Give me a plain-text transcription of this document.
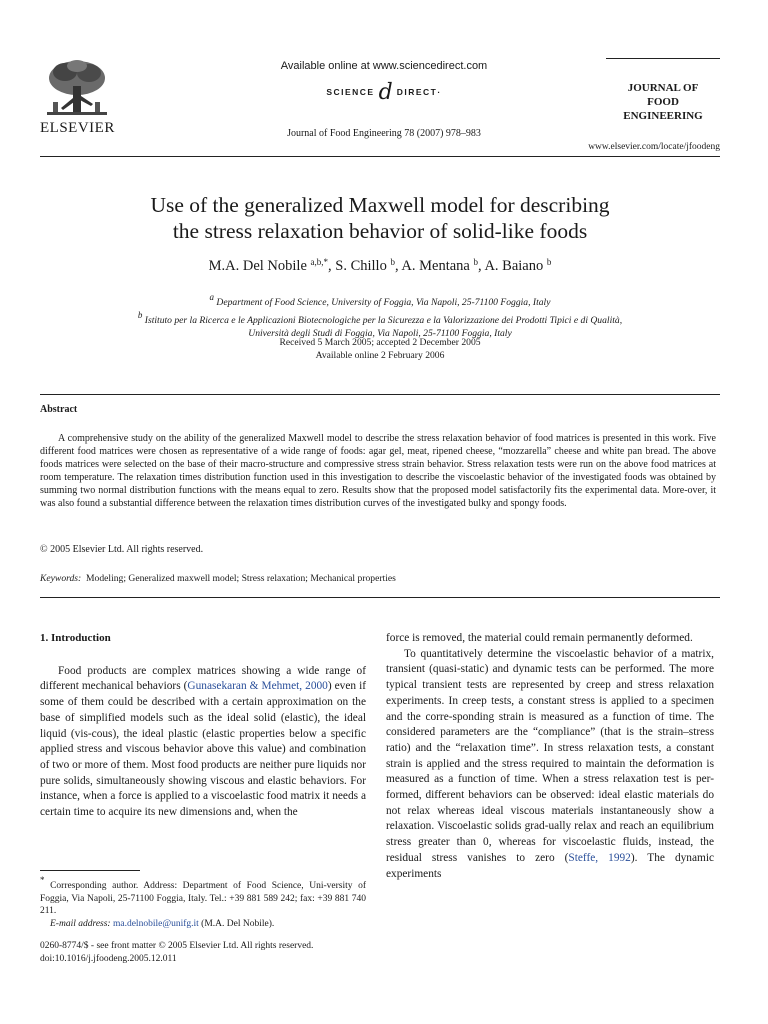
ELSEVIER
Available online at www.sciencedirect.com
SCIENCE d DIRECT·
Journal of Food Engineering 78 (2007) 978–983
JOURNAL OF
FOOD
ENGINEERING
www.elsevier.com/locate/jfoodeng
Use of the generalized Maxwell model for describing
the stress relaxation behavior of solid-like foods
M.A. Del Nobile $^{a,b,*}$, S. Chillo $^b$, A. Mentana $^b$, A. Baiano $^b$
$^a$ Department of Food Science, University of Foggia, Via Napoli, 25-71100 Foggia, Italy
$^b$ Istituto per la Ricerca e le Applicazioni Biotecnologiche per la Sicurezza e la Valorizzazione dei Prodotti Tipici e di Qualità,
Università degli Studi di Foggia, Via Napoli, 25-71100 Foggia, Italy
Received 5 March 2005; accepted 2 December 2005
Available online 2 February 2006
Abstract

A comprehensive study on the ability of the generalized Maxwell model to describe the stress relaxation behavior of food matrices is presented in this work. Five different food matrices were chosen as representative of a wide range of foods: agar gel, meat, ripened cheese, “mozzarella” cheese and white pan bread. The above foods matrices were selected on the base of their macro-structure and compressive stress strain behavior. Stress relaxation tests were run on the above food matrices at room temperature. The relaxation times distribution function used in this investigation to describe the viscoelastic behavior of the investigated foods was obtained by summing two normal distribution functions with the means equal to zero. Results show that the proposed model satisfactorily fits the experimental data. More-over, it was also found a substantial difference between the relaxation times distribution curves of the investigated bulky and spongy foods.

© 2005 Elsevier Ltd. All rights reserved.
Keywords: Modeling; Generalized maxwell model; Stress relaxation; Mechanical properties
1. Introduction

Food products are complex matrices showing a wide range of different mechanical behaviors (Gunasekaran & Mehmet, 2000) even if some of them could be described with a certain approximation on the base of simplified models such as the ideal solid (elastic), the ideal liquid (vis-cous), the ideal plastic (elastic properties below a specific applied stress and viscous behavior above this value) and combination of two or more of them. Most food products are neither pure liquids nor pure solids, simultaneously showing viscous and elastic behaviors. For instance, when a force is applied to a viscoelastic food matrix it needs a certain time to acquire its new dimensions and, when the

force is removed, the material could remain permanently deformed.

To quantitatively determine the viscoelastic behavior of a matrix, transient (quasi-static) and dynamic tests can be performed. The more typical transient tests are represented by creep and stress relaxation experiments. In creep tests, a constant stress is applied to a specimen and the corre-sponding strain is measured as a function of time. The considered parameters are the “compliance” (that is the strain–stress ratio) and the “relaxation time”. In stress relaxation tests, a constant strain is applied and the stress required to maintain the deformation is measured as a function of time. When a stress relaxation test is per-formed, different behaviors can be observed: ideal elastic materials do not relax whereas ideal viscous materials instantaneously show a relaxation. Viscoelastic solids grad-ually relax and reach an equilibrium stress greater than 0, whereas for viscoelastic fluids, instead, the residual stress vanishes to zero (Steffe, 1992). The dynamic experiments

* Corresponding author. Address: Department of Food Science, Uni-versity of Foggia, Via Napoli, 25-71100 Foggia, Italy. Tel.: +39 881 589 242; fax: +39 881 740 211.
E-mail address: ma.delnobile@unifg.it (M.A. Del Nobile).
0260-8774/$ - see front matter © 2005 Elsevier Ltd. All rights reserved.
doi:10.1016/j.jfoodeng.2005.12.011
